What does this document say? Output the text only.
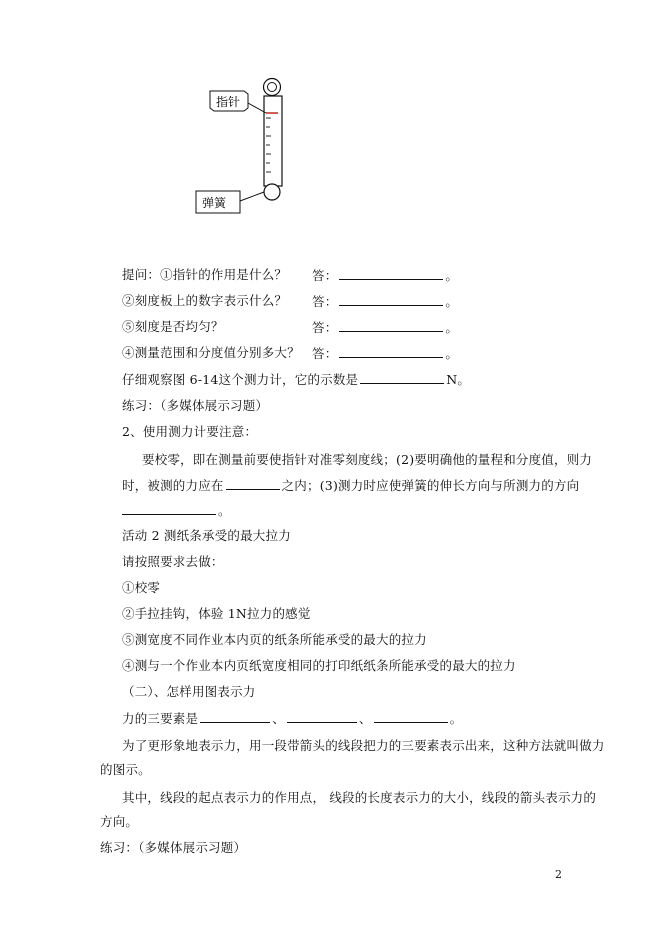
指针
弹簧
提问：①指针的作用是什么？ 答：	。
②刻度板上的数字表示什么？ 答：	。
⑤刻度是否均匀？	答：	。
④测量范围和分度值分别多大？ 答：	。
仔细观察图 6-14这个测力计，它的示数是	N。
练习：（多媒体展示习题）
2、使用测力计要注意：
要校零，即在测量前要使指针对准零刻度线；(2)要明确他的量程和分度值，则力
时，被测的力应在	之内；(3)测力时应使弹簧的伸长方向与所测力的方向
。
活动 2 测纸条承受的最大拉力
请按照要求去做：
①校零
②手拉挂钩，体验 1N拉力的感觉
⑤测宽度不同作业本内页的纸条所能承受的最大的拉力
④测与一个作业本内页纸宽度相同的打印纸纸条所能承受的最大的拉力
（二）、怎样用图表示力
力的三要素是	、	、	。
为了更形象地表示力，用一段带箭头的线段把力的三要素表示出来，这种方法就叫做力
的图示。
其中，线段的起点表示力的作用点， 线段的长度表示力的大小，线段的箭头表示力的
方向。
练习：（多媒体展示习题）
2
